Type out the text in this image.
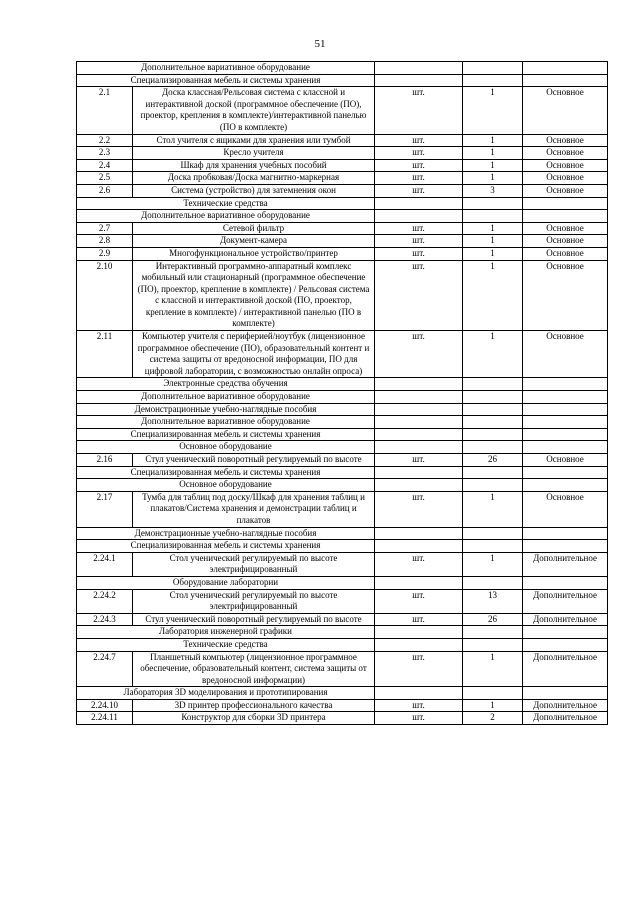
51
Дополнительное вариативное оборудование				
Специализированная мебель и системы хранения				
2.1	Доска классная/Рельсовая система с классной и интерактивной доской (программное обеспечение (ПО), проектор, крепления в комплекте)/интерактивной панелью (ПО в комплекте)	шт.	1	Основное
2.2	Стол учителя с ящиками для хранения или тумбой	шт.	1	Основное
2.3	Кресло учителя	шт.	1	Основное
2.4	Шкаф для хранения учебных пособий	шт.	1	Основное
2.5	Доска пробковая/Доска магнитно-маркерная	шт.	1	Основное
2.6	Система (устройство) для затемнения окон	шт.	3	Основное
Технические средства				
Дополнительное вариативное оборудование				
2.7	Сетевой фильтр	шт.	1	Основное
2.8	Документ-камера	шт.	1	Основное
2.9	Многофункциональное устройство/принтер	шт.	1	Основное
2.10	Интерактивный программно-аппаратный комплекс мобильный или стационарный (программное обеспечение (ПО), проектор, крепление в комплекте) / Рельсовая система с классной и интерактивной доской (ПО, проектор, крепление в комплекте) / интерактивной панелью (ПО в комплекте)	шт.	1	Основное
2.11	Компьютер учителя с периферией/ноутбук (лицензионное программное обеспечение (ПО), образовательный контент и система защиты от вредоносной информации, ПО для цифровой лаборатории, с возможностью онлайн опроса)	шт.	1	Основное
Электронные средства обучения				
Дополнительное вариативное оборудование				
Демонстрационные учебно-наглядные пособия				
Дополнительное вариативное оборудование				
Специализированная мебель и системы хранения				
Основное оборудование				
2.16	Стул ученический поворотный регулируемый по высоте	шт.	26	Основное
Специализированная мебель и системы хранения				
Основное оборудование				
2.17	Тумба для таблиц под доску/Шкаф для хранения таблиц и плакатов/Система хранения и демонстрации таблиц и плакатов	шт.	1	Основное
Демонстрационные учебно-наглядные пособия				
Специализированная мебель и системы хранения				
2.24.1	Стол ученический регулируемый по высоте электрифицированный	шт.	1	Дополнительное
Оборудование лаборатории				
2.24.2	Стол ученический регулируемый по высоте электрифицированный	шт.	13	Дополнительное
2.24.3	Стул ученический поворотный регулируемый по высоте	шт.	26	Дополнительное
Лаборатория инженерной графики				
Технические средства				
2.24.7	Планшетный компьютер (лицензионное программное обеспечение, образовательный контент, система защиты от вредоносной информации)	шт.	1	Дополнительное
Лаборатория 3D моделирования и прототипирования				
2.24.10	3D принтер профессионального качества	шт.	1	Дополнительное
2.24.11	Конструктор для сборки 3D принтера	шт.	2	Дополнительное
